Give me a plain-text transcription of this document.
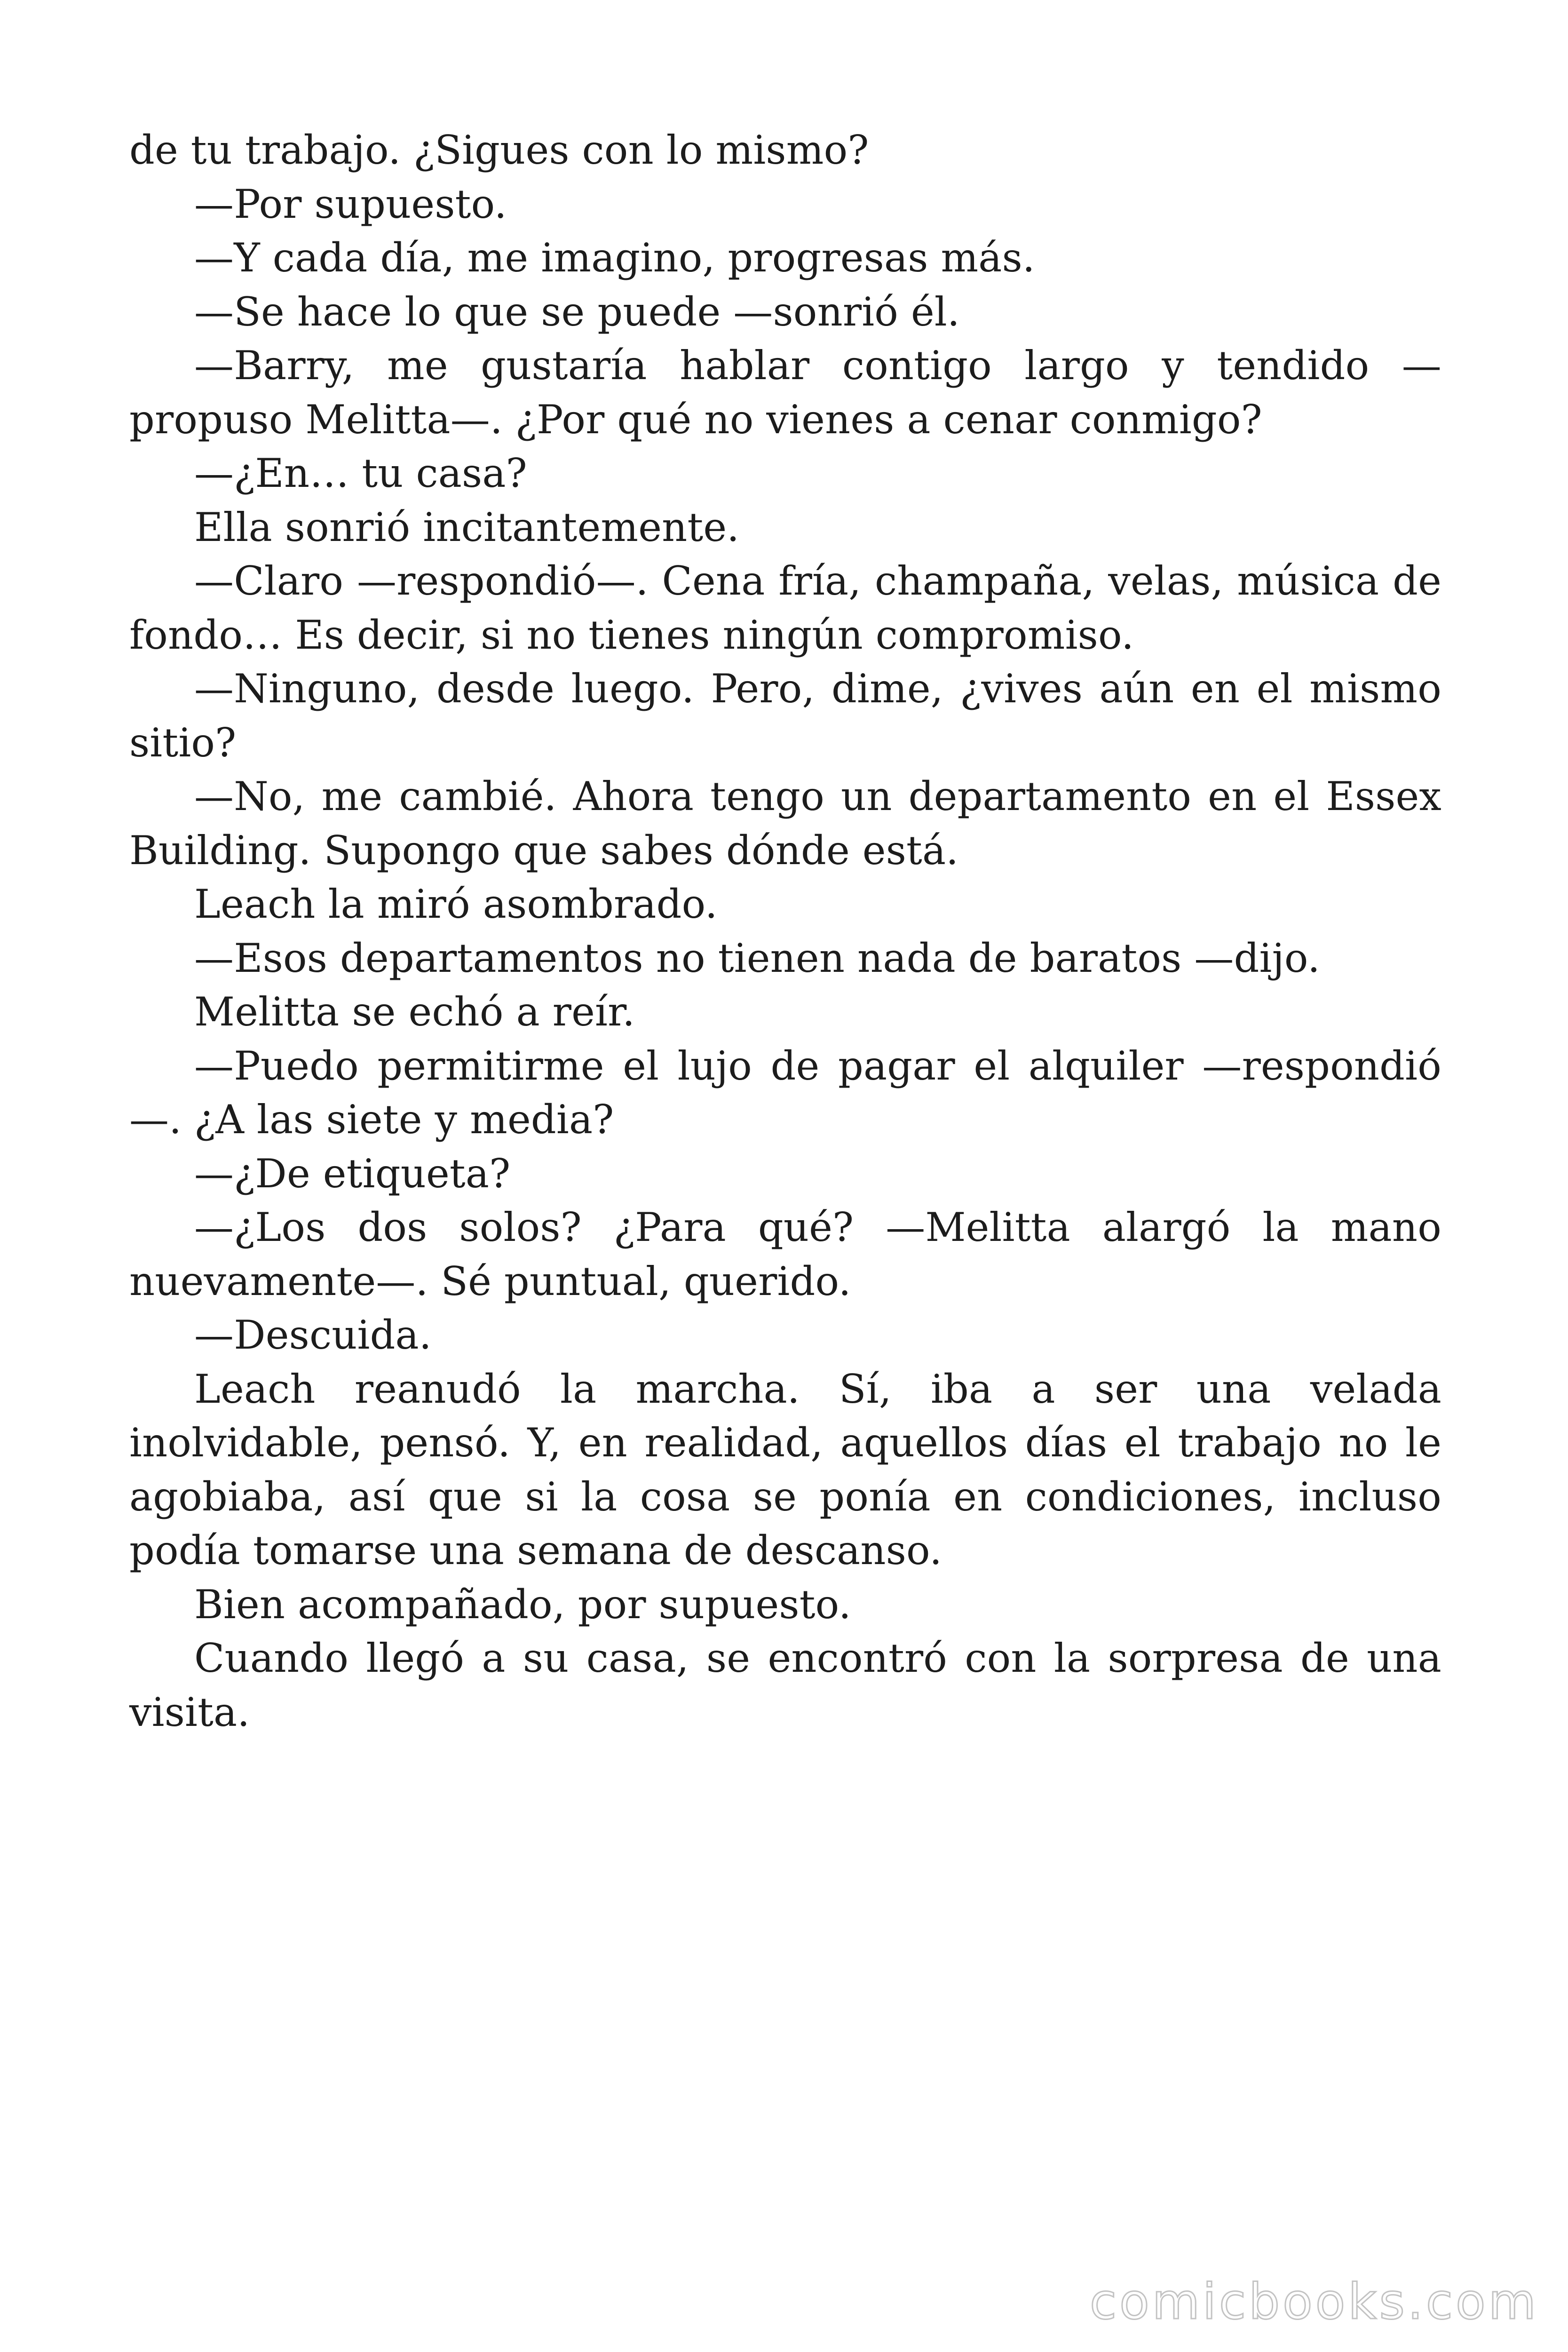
de tu trabajo. ¿Sigues con lo mismo?

—Por supuesto.

—Y cada día, me imagino, progresas más.

—Se hace lo que se puede —sonrió él.

—Barry, me gustaría hablar contigo largo y tendido —propuso Melitta—. ¿Por qué no vienes a cenar conmigo?

—¿En… tu casa?

Ella sonrió incitantemente.

—Claro —respondió—. Cena fría, champaña, velas, música de fondo… Es decir, si no tienes ningún compromiso.

—Ninguno, desde luego. Pero, dime, ¿vives aún en el mismo sitio?

—No, me cambié. Ahora tengo un departamento en el Essex Building. Supongo que sabes dónde está.

Leach la miró asombrado.

—Esos departamentos no tienen nada de baratos —dijo.

Melitta se echó a reír.

—Puedo permitirme el lujo de pagar el alquiler —respondió—. ¿A las siete y media?

—¿De etiqueta?

—¿Los dos solos? ¿Para qué? —Melitta alargó la mano nuevamente—. Sé puntual, querido.

—Descuida.

Leach reanudó la marcha. Sí, iba a ser una velada inolvidable, pensó. Y, en realidad, aquellos días el trabajo no le agobiaba, así que si la cosa se ponía en condiciones, incluso podía tomarse una semana de descanso.

Bien acompañado, por supuesto.

Cuando llegó a su casa, se encontró con la sorpresa de una visita.

comicbooks.com
